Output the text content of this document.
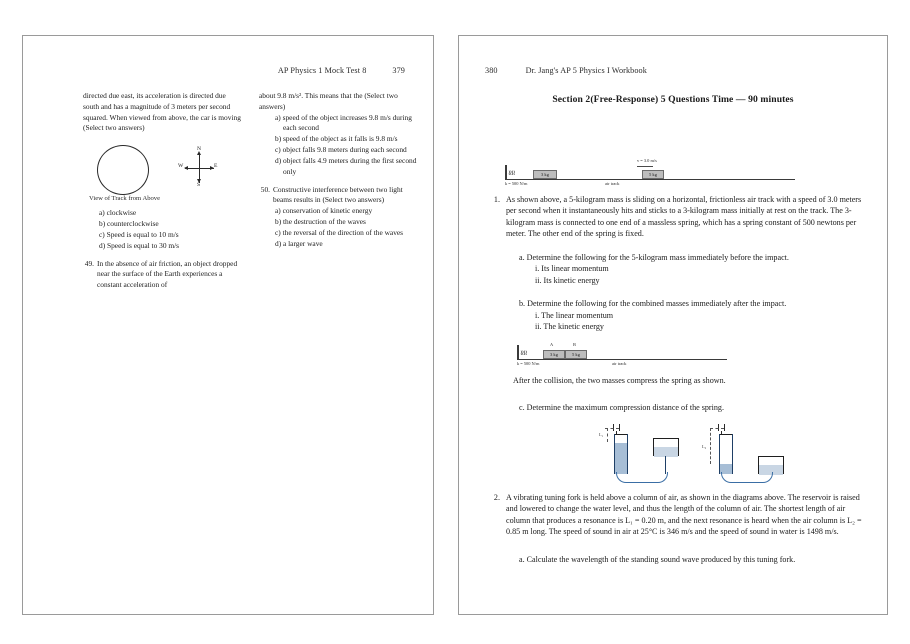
AP Physics 1 Mock Test 8	379

directed due east, its acceleration is directed due south and has a magnitude of 3 meters per second squared. When viewed from above, the car is moving (Select two answers)

N
S
W	E
View of Track from Above
a) clockwise
b) counterclockwise
c) Speed is equal to 10 m/s
d) Speed is equal to 30 m/s
49. In the absence of air friction, an object dropped near the surface of the Earth experiences a constant acceleration of

about 9.8 m/s². This means that the (Select two answers)

a) speed of the object increases 9.8 m/s during each second
b) speed of the object as it falls is 9.8 m/s
c) object falls 9.8 meters during each second
d) object falls 4.9 meters during the first second only
50. Constructive interference between two light beams results in (Select two answers)
a) conservation of kinetic energy
b) the destruction of the waves
c) the reversal of the direction of the waves
d) a larger wave
380	Dr. Jang's AP 5 Physics I Workbook
Section 2(Free-Response) 5 Questions Time — 90 minutes
≀≀≀≀	3 kg	5 kg
v = 3.0 m/s
k = 500 N/m	air track
1. As shown above, a 5-kilogram mass is sliding on a horizontal, frictionless air track with a speed of 3.0 meters per second when it instantaneously hits and sticks to a 3-kilogram mass initially at rest on the track. The 3-kilogram mass is connected to one end of a massless spring, which has a spring constant of 500 newtons per meter. The other end of the spring is fixed.
a. Determine the following for the 5-kilogram mass immediately before the impact.
i. Its linear momentum
ii. Its kinetic energy
b. Determine the following for the combined masses immediately after the impact.
i. The linear momentum
ii. The kinetic energy
≀≀≀≀	3 kg	5 kg
A	B
k = 500 N/m	air track
After the collision, the two masses compress the spring as shown.
c. Determine the maximum compression distance of the spring.
L₁
L₂
2. A vibrating tuning fork is held above a column of air, as shown in the diagrams above. The reservoir is raised and lowered to change the water level, and thus the length of the column of air. The shortest length of air column that produces a resonance is L₁ = 0.20 m, and the next resonance is heard when the air column is L₂ = 0.85 m long. The speed of sound in air at 25°C is 346 m/s and the speed of sound in water is 1498 m/s.
a. Calculate the wavelength of the standing sound wave produced by this tuning fork.
